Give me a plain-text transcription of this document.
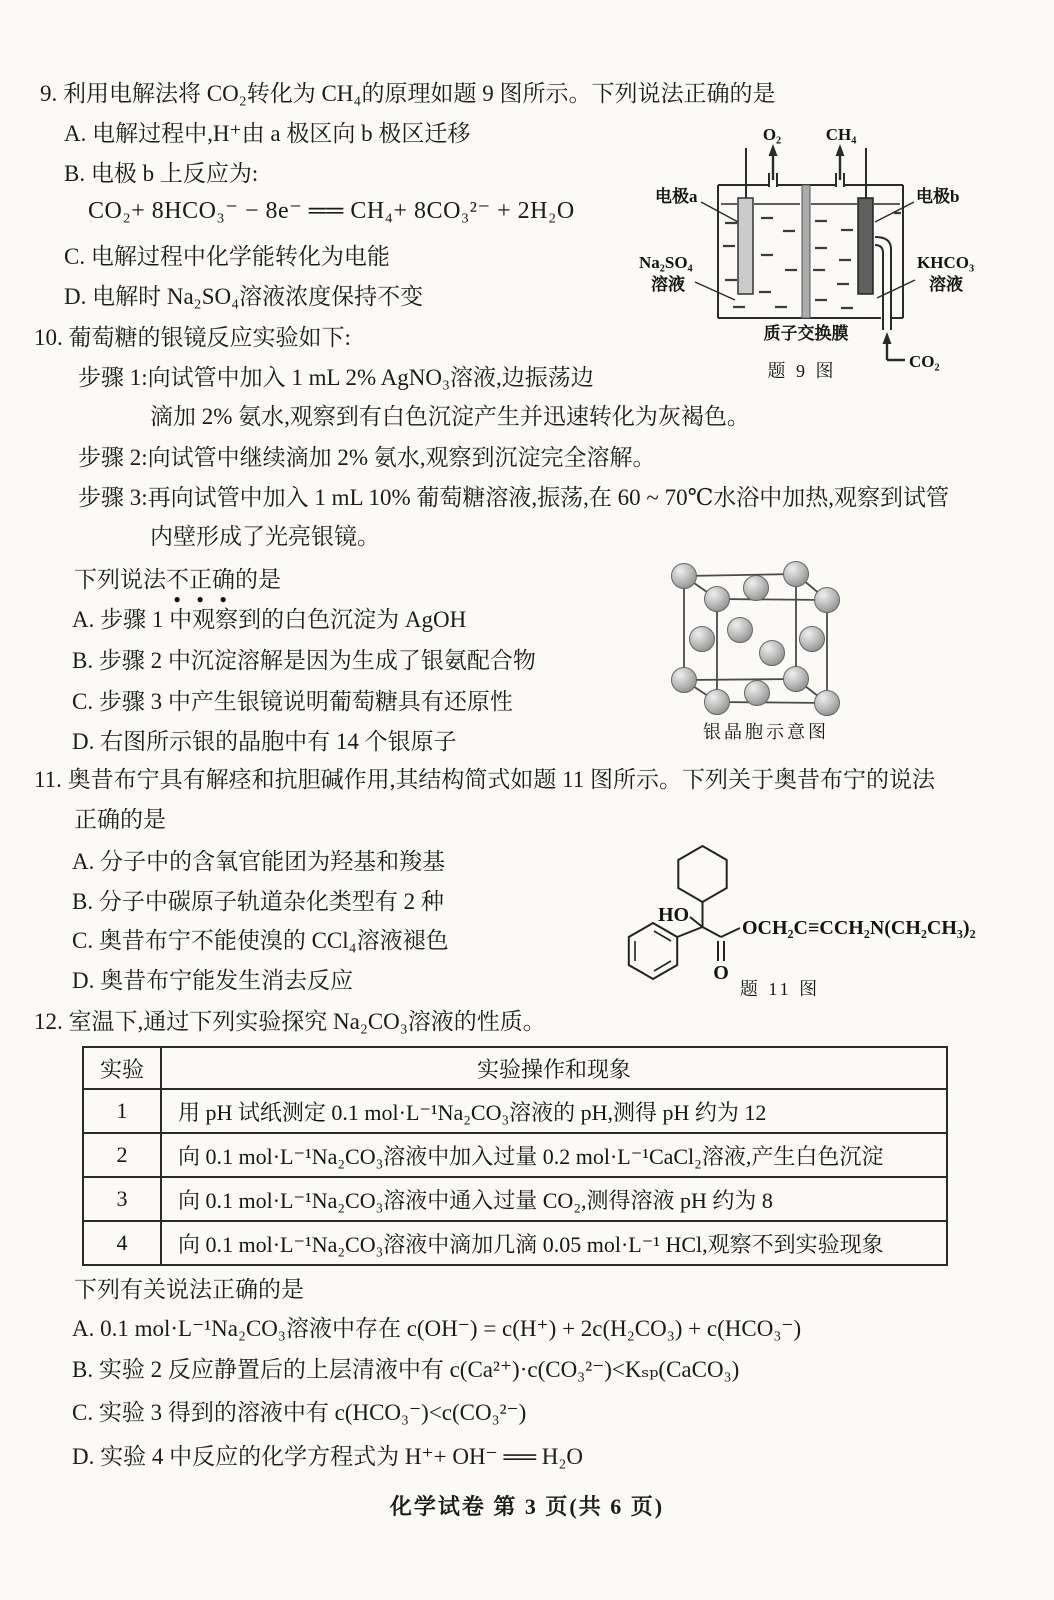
9. 利用电解法将 CO₂转化为 CH₄的原理如题 9 图所示。下列说法正确的是
A. 电解过程中,H⁺由 a 极区向 b 极区迁移
B. 电极 b 上反应为:
CO₂+ 8HCO₃⁻ − 8e⁻ ══ CH₄+ 8CO₃²⁻ + 2H₂O
C. 电解过程中化学能转化为电能
D. 电解时 Na₂SO₄溶液浓度保持不变
O₂	CH₄
电极a	电极b
Na₂SO₄
溶液
KHCO₃
溶液
质子交换膜
CO₂
题 9 图
10. 葡萄糖的银镜反应实验如下:
步骤 1:向试管中加入 1 mL 2% AgNO₃溶液,边振荡边
滴加 2% 氨水,观察到有白色沉淀产生并迅速转化为灰褐色。
步骤 2:向试管中继续滴加 2% 氨水,观察到沉淀完全溶解。
步骤 3:再向试管中加入 1 mL 10% 葡萄糖溶液,振荡,在 60 ~ 70℃水浴中加热,观察到试管
内壁形成了光亮银镜。
下列说法不正确的是
A. 步骤 1 中观察到的白色沉淀为 AgOH
B. 步骤 2 中沉淀溶解是因为生成了银氨配合物
C. 步骤 3 中产生银镜说明葡萄糖具有还原性
D. 右图所示银的晶胞中有 14 个银原子	银晶胞示意图
11. 奥昔布宁具有解痉和抗胆碱作用,其结构简式如题 11 图所示。下列关于奥昔布宁的说法
正确的是
A. 分子中的含氧官能团为羟基和羧基
B. 分子中碳原子轨道杂化类型有 2 种
C. 奥昔布宁不能使溴的 CCl₄溶液褪色
D. 奥昔布宁能发生消去反应
HO
O
OCH₂C≡CCH₂N(CH₂CH₃)₂
题 11 图
12. 室温下,通过下列实验探究 Na₂CO₃溶液的性质。
实验	实验操作和现象
1	用 pH 试纸测定 0.1 mol·L⁻¹Na₂CO₃溶液的 pH,测得 pH 约为 12
2	向 0.1 mol·L⁻¹Na₂CO₃溶液中加入过量 0.2 mol·L⁻¹CaCl₂溶液,产生白色沉淀
3	向 0.1 mol·L⁻¹Na₂CO₃溶液中通入过量 CO₂,测得溶液 pH 约为 8
4	向 0.1 mol·L⁻¹Na₂CO₃溶液中滴加几滴 0.05 mol·L⁻¹ HCl,观察不到实验现象
下列有关说法正确的是
A. 0.1 mol·L⁻¹Na₂CO₃溶液中存在 c(OH⁻) = c(H⁺) + 2c(H₂CO₃) + c(HCO₃⁻)
B. 实验 2 反应静置后的上层清液中有 c(Ca²⁺)·c(CO₃²⁻)<Kₛₚ(CaCO₃)
C. 实验 3 得到的溶液中有 c(HCO₃⁻)<c(CO₃²⁻)
D. 实验 4 中反应的化学方程式为 H⁺+ OH⁻ ══ H₂O
化学试卷 第 3 页(共 6 页)
